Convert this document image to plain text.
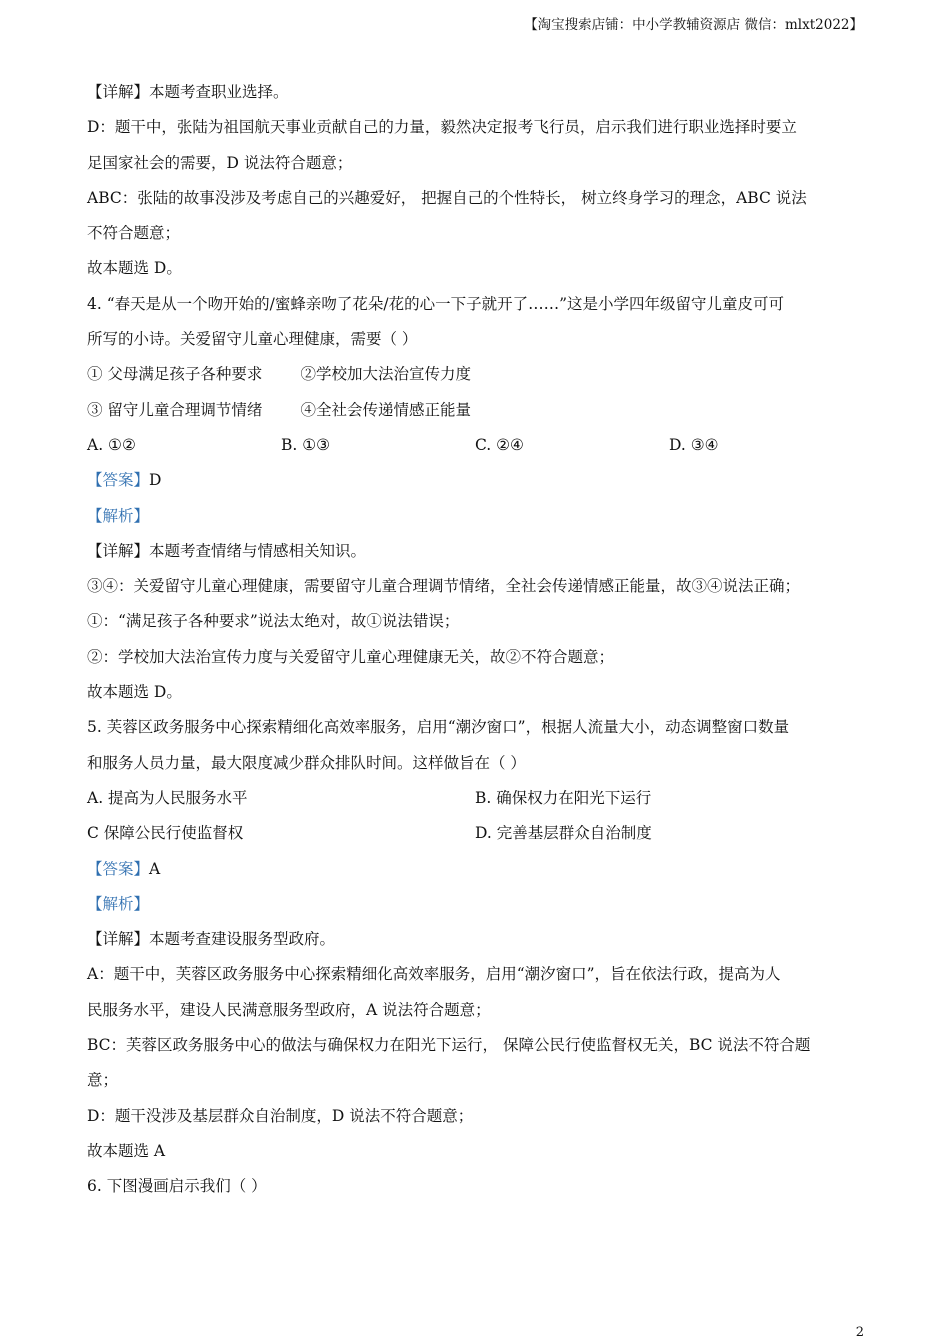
【淘宝搜索店铺：中小学教辅资源店 微信：mlxt2022】
【详解】本题考查职业选择。
D：题干中，张陆为祖国航天事业贡献自己的力量，毅然决定报考飞行员，启示我们进行职业选择时要立
足国家社会的需要，D 说法符合题意；
ABC：张陆的故事没涉及考虑自己的兴趣爱好， 把握自己的个性特长， 树立终身学习的理念，ABC 说法
不符合题意；
故本题选 D。
4. “春天是从一个吻开始的/蜜蜂亲吻了花朵/花的心一下子就开了……”这是小学四年级留守儿童皮可可
所写的小诗。关爱留守儿童心理健康，需要（ ）
① 父母满足孩子各种要求 ②学校加大法治宣传力度
③ 留守儿童合理调节情绪 ④全社会传递情感正能量
A. ①②	B. ①③	C. ②④	D. ③④
【答案】D
【解析】
【详解】本题考查情绪与情感相关知识。
③④：关爱留守儿童心理健康，需要留守儿童合理调节情绪，全社会传递情感正能量，故③④说法正确；
①：“满足孩子各种要求”说法太绝对，故①说法错误；
②：学校加大法治宣传力度与关爱留守儿童心理健康无关，故②不符合题意；
故本题选 D。
5. 芙蓉区政务服务中心探索精细化高效率服务，启用“潮汐窗口”，根据人流量大小，动态调整窗口数量
和服务人员力量，最大限度减少群众排队时间。这样做旨在（ ）
A. 提高为人民服务水平	B. 确保权力在阳光下运行
C 保障公民行使监督权	D. 完善基层群众自治制度
【答案】A
【解析】
【详解】本题考查建设服务型政府。
A：题干中，芙蓉区政务服务中心探索精细化高效率服务，启用“潮汐窗口”，旨在依法行政，提高为人
民服务水平，建设人民满意服务型政府，A 说法符合题意；
BC：芙蓉区政务服务中心的做法与确保权力在阳光下运行， 保障公民行使监督权无关，BC 说法不符合题
意；
D：题干没涉及基层群众自治制度，D 说法不符合题意；
故本题选 A
6. 下图漫画启示我们（ ）
2
